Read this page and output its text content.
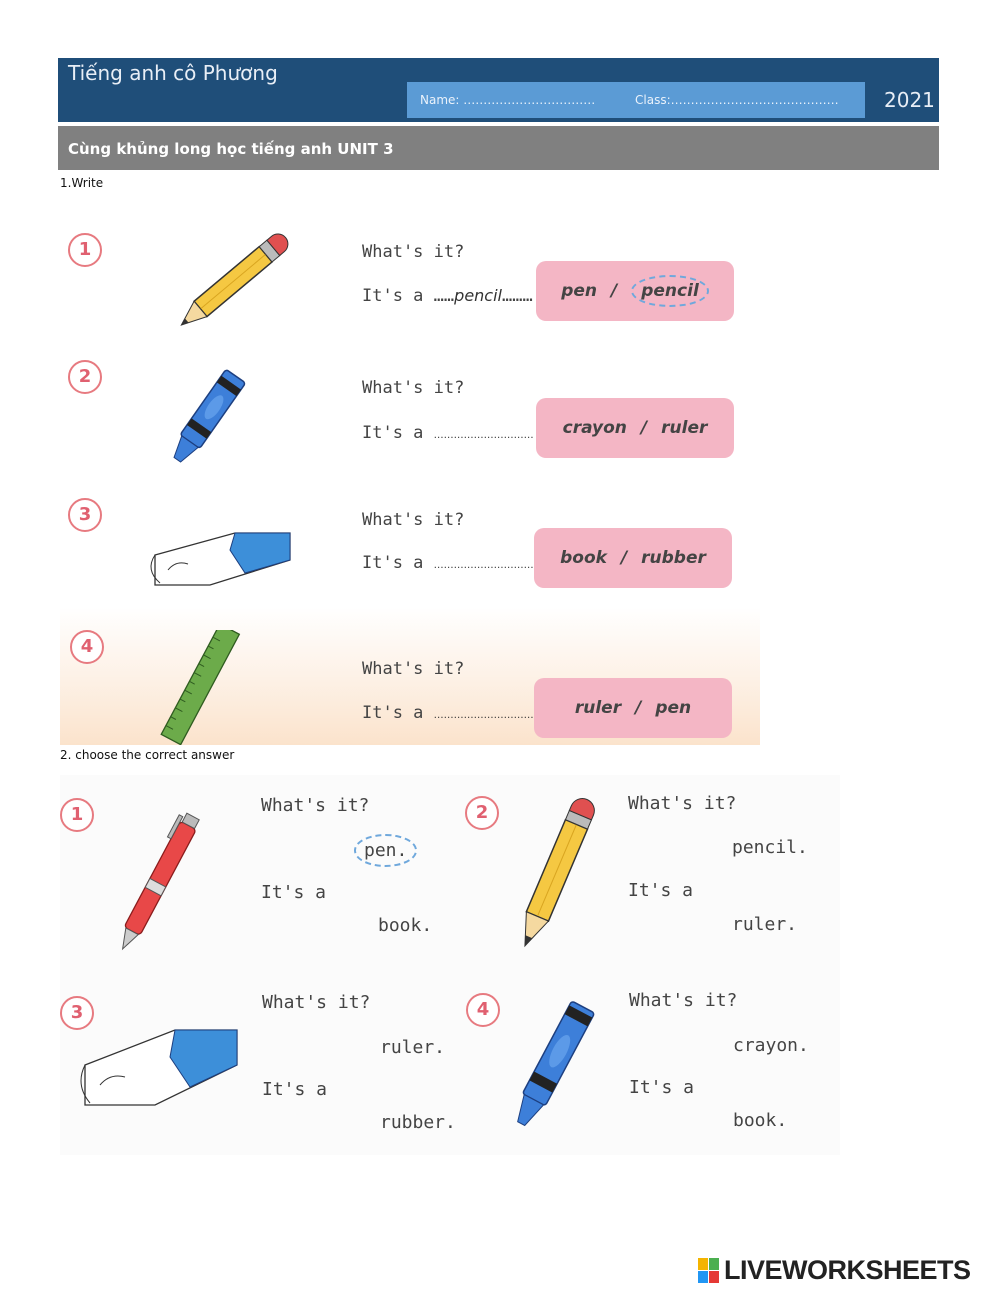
Tiếng anh cô Phương
Name: ……………………………	Class:…………………………………… 2021
Cùng khủng long học tiếng anh UNIT 3
1.Write
1	What's it?
It's a ……pencil……… pen /	pencil
2
What's it?
It's a ………………………… crayon / ruler
3	What's it?
It's a ………………………… book / rubber
4
What's it?
It's a ………………………… ruler / pen
2. choose the correct answer
1	What's it?
pen.
It's a
book.
2	What's it?
pencil.
It's a
ruler.
3	What's it?
ruler.
It's a
rubber.
4	What's it?
crayon.
It's a
book.
LIVEWORKSHEETS
